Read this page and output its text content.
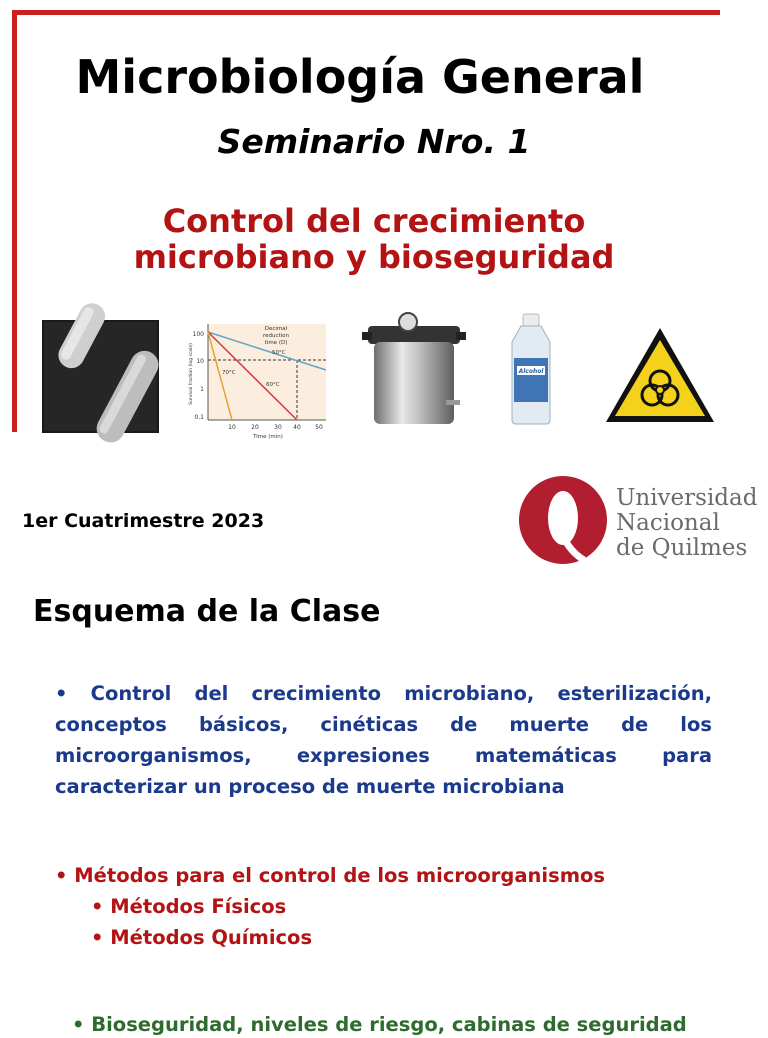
Microbiología General
Seminario Nro. 1
Control del crecimiento
microbiano y bioseguridad
100
10
1
0.1
10	20	30 40 50
Time (min)
Survival fraction (log scale)
Decimal
reduction
time (D)
50°C
60°C
70°C	Alcohol
1er Cuatrimestre 2023
Universidad
Nacional
de Quilmes
Esquema de la Clase
• Control del crecimiento microbiano, esterilización, conceptos básicos, cinéticas de muerte de los microorganismos, expresiones matemáticas para caracterizar un proceso de muerte microbiana
• Métodos para el control de los microorganismos
• Métodos Físicos
• Métodos Químicos
• Bioseguridad, niveles de riesgo, cabinas de seguridad
